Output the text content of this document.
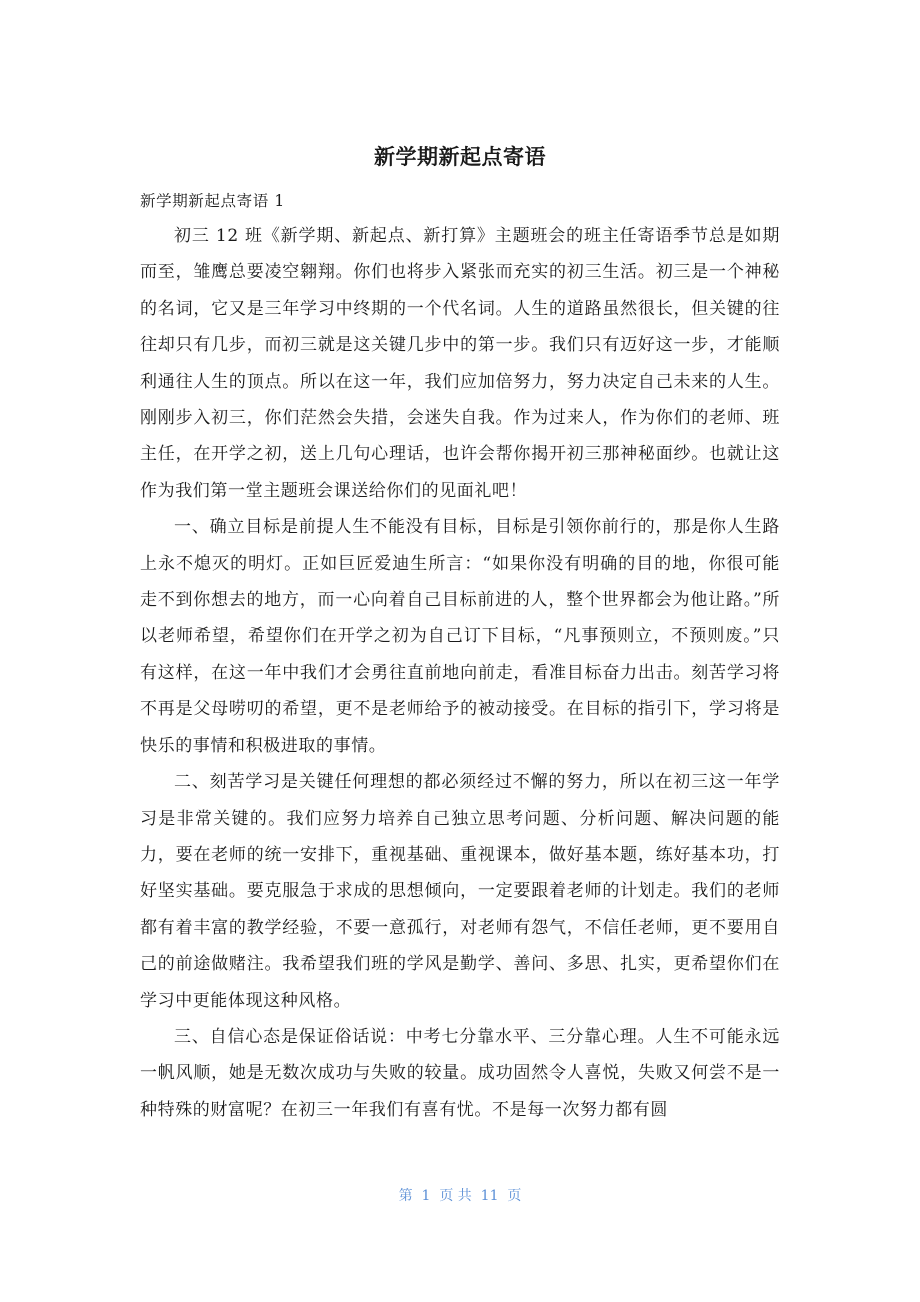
新学期新起点寄语
新学期新起点寄语 1

初三 12 班《新学期、新起点、新打算》主题班会的班主任寄语季节总是如期而至，雏鹰总要凌空翱翔。你们也将步入紧张而充实的初三生活。初三是一个神秘的名词，它又是三年学习中终期的一个代名词。人生的道路虽然很长，但关键的往往却只有几步，而初三就是这关键几步中的第一步。我们只有迈好这一步，才能顺利通往人生的顶点。所以在这一年，我们应加倍努力，努力决定自己未来的人生。刚刚步入初三，你们茫然会失措，会迷失自我。作为过来人，作为你们的老师、班主任，在开学之初，送上几句心理话，也许会帮你揭开初三那神秘面纱。也就让这作为我们第一堂主题班会课送给你们的见面礼吧！

一、确立目标是前提人生不能没有目标，目标是引领你前行的，那是你人生路上永不熄灭的明灯。正如巨匠爱迪生所言：“如果你没有明确的目的地，你很可能走不到你想去的地方，而一心向着自己目标前进的人，整个世界都会为他让路。”所以老师希望，希望你们在开学之初为自己订下目标，“凡事预则立，不预则废。”只有这样，在这一年中我们才会勇往直前地向前走，看准目标奋力出击。刻苦学习将不再是父母唠叨的希望，更不是老师给予的被动接受。在目标的指引下，学习将是快乐的事情和积极进取的事情。

二、刻苦学习是关键任何理想的都必须经过不懈的努力，所以在初三这一年学习是非常关键的。我们应努力培养自己独立思考问题、分析问题、解决问题的能力，要在老师的统一安排下，重视基础、重视课本，做好基本题，练好基本功，打好坚实基础。要克服急于求成的思想倾向，一定要跟着老师的计划走。我们的老师都有着丰富的教学经验，不要一意孤行，对老师有怨气，不信任老师，更不要用自己的前途做赌注。我希望我们班的学风是勤学、善问、多思、扎实，更希望你们在学习中更能体现这种风格。

三、自信心态是保证俗话说：中考七分靠水平、三分靠心理。人生不可能永远一帆风顺，她是无数次成功与失败的较量。成功固然令人喜悦，失败又何尝不是一种特殊的财富呢？在初三一年我们有喜有忧。不是每一次努力都有圆

第  1  页 共  11  页
